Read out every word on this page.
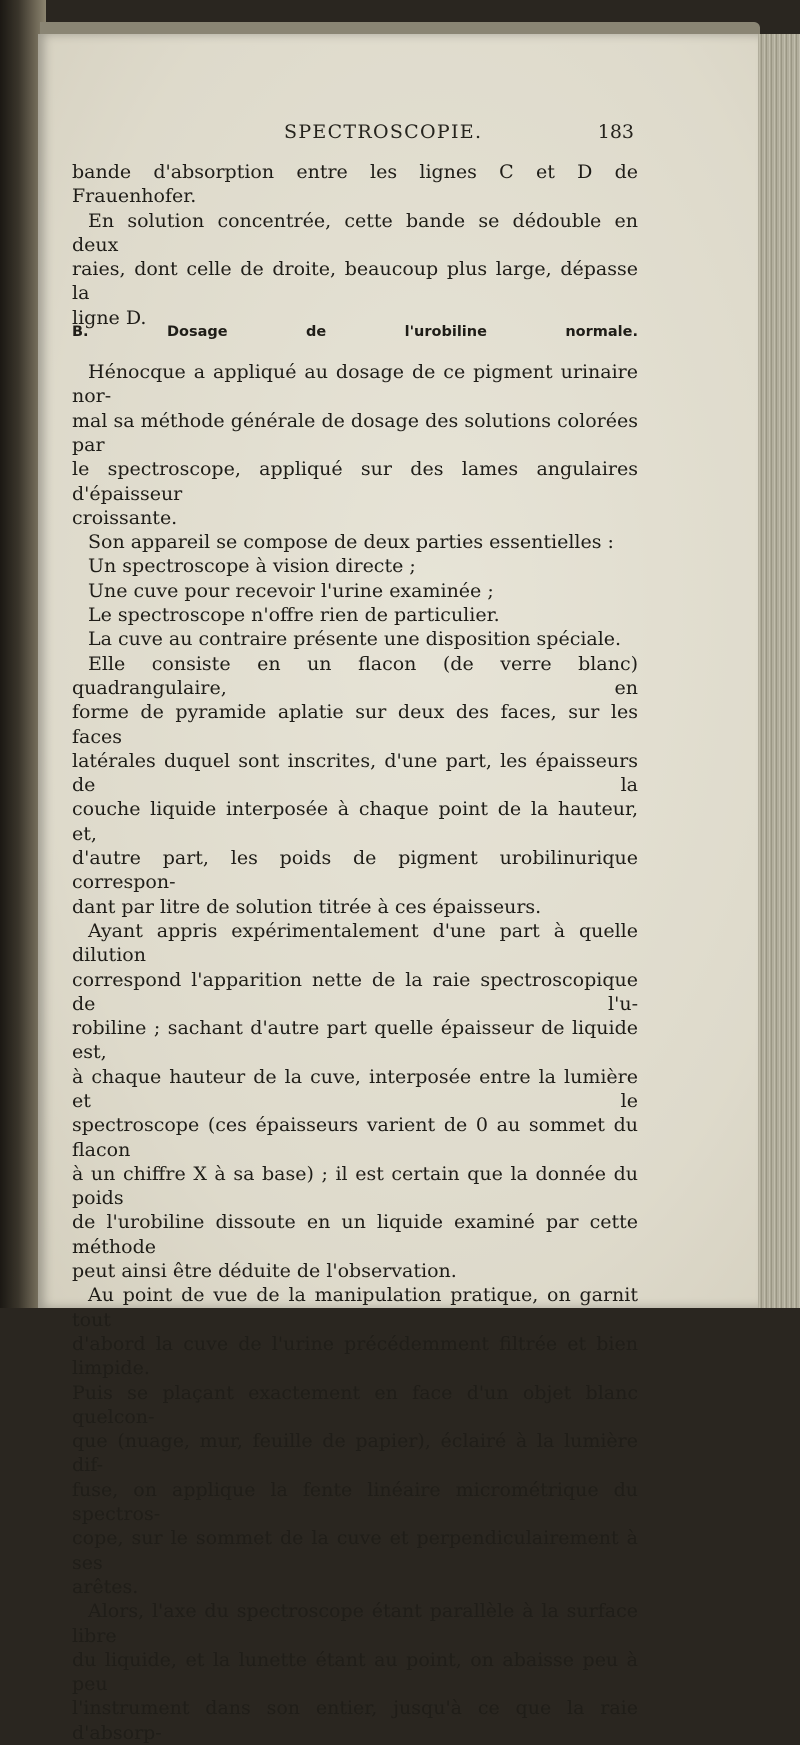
SPECTROSCOPIE.	183

bande d'absorption entre les lignes C et D de Frauenhofer.

En solution concentrée, cette bande se dédouble en deux

raies, dont celle de droite, beaucoup plus large, dépasse la

ligne D.

B. Dosage de l'urobiline normale.

Hénocque a appliqué au dosage de ce pigment urinaire nor-

mal sa méthode générale de dosage des solutions colorées par

le spectroscope, appliqué sur des lames angulaires d'épaisseur

croissante.

Son appareil se compose de deux parties essentielles :

Un spectroscope à vision directe ;

Une cuve pour recevoir l'urine examinée ;

Le spectroscope n'offre rien de particulier.

La cuve au contraire présente une disposition spéciale.

Elle consiste en un flacon (de verre blanc) quadrangulaire, en

forme de pyramide aplatie sur deux des faces, sur les faces

latérales duquel sont inscrites, d'une part, les épaisseurs de la

couche liquide interposée à chaque point de la hauteur, et,

d'autre part, les poids de pigment urobilinurique correspon-

dant par litre de solution titrée à ces épaisseurs.

Ayant appris expérimentalement d'une part à quelle dilution

correspond l'apparition nette de la raie spectroscopique de l'u-

robiline ; sachant d'autre part quelle épaisseur de liquide est,

à chaque hauteur de la cuve, interposée entre la lumière et le

spectroscope (ces épaisseurs varient de 0 au sommet du flacon

à un chiffre X à sa base) ; il est certain que la donnée du poids

de l'urobiline dissoute en un liquide examiné par cette méthode

peut ainsi être déduite de l'observation.

Au point de vue de la manipulation pratique, on garnit tout

d'abord la cuve de l'urine précédemment filtrée et bien limpide.

Puis se plaçant exactement en face d'un objet blanc quelcon-

que (nuage, mur, feuille de papier), éclairé à la lumière dif-

fuse, on applique la fente linéaire micrométrique du spectros-

cope, sur le sommet de la cuve et perpendiculairement à ses

arêtes.

Alors, l'axe du spectroscope étant parallèle à la surface libre

du liquide, et la lunette étant au point, on abaisse peu à peu

l'instrument dans son entier, jusqu'à ce que la raie d'absorp-
